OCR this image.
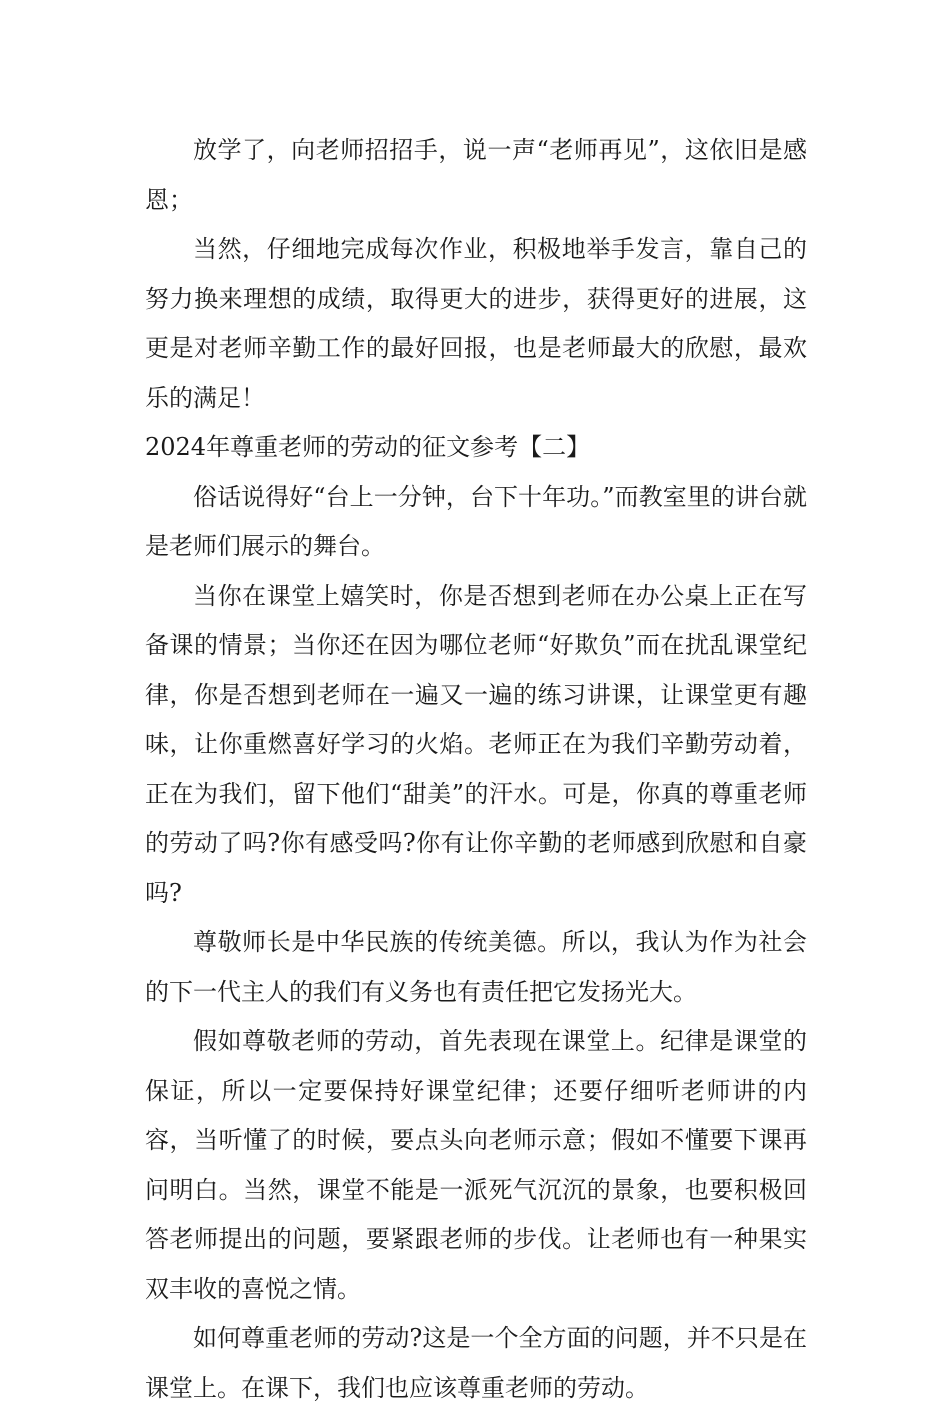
放学了，向老师招招手，说一声“老师再见”，这依旧是感恩；

当然，仔细地完成每次作业，积极地举手发言，靠自己的努力换来理想的成绩，取得更大的进步，获得更好的进展，这更是对老师辛勤工作的最好回报，也是老师最大的欣慰，最欢乐的满足！

2024年尊重老师的劳动的征文参考【二】

俗话说得好“台上一分钟，台下十年功。”而教室里的讲台就是老师们展示的舞台。

当你在课堂上嬉笑时，你是否想到老师在办公桌上正在写备课的情景；当你还在因为哪位老师“好欺负”而在扰乱课堂纪律，你是否想到老师在一遍又一遍的练习讲课，让课堂更有趣味，让你重燃喜好学习的火焰。老师正在为我们辛勤劳动着，正在为我们，留下他们“甜美”的汗水。可是，你真的尊重老师的劳动了吗?你有感受吗?你有让你辛勤的老师感到欣慰和自豪吗?

尊敬师长是中华民族的传统美德。所以，我认为作为社会的下一代主人的我们有义务也有责任把它发扬光大。

假如尊敬老师的劳动，首先表现在课堂上。纪律是课堂的保证，所以一定要保持好课堂纪律；还要仔细听老师讲的内容，当听懂了的时候，要点头向老师示意；假如不懂要下课再问明白。当然，课堂不能是一派死气沉沉的景象，也要积极回答老师提出的问题，要紧跟老师的步伐。让老师也有一种果实双丰收的喜悦之情。

如何尊重老师的劳动?这是一个全方面的问题，并不只是在课堂上。在课下，我们也应该尊重老师的劳动。
